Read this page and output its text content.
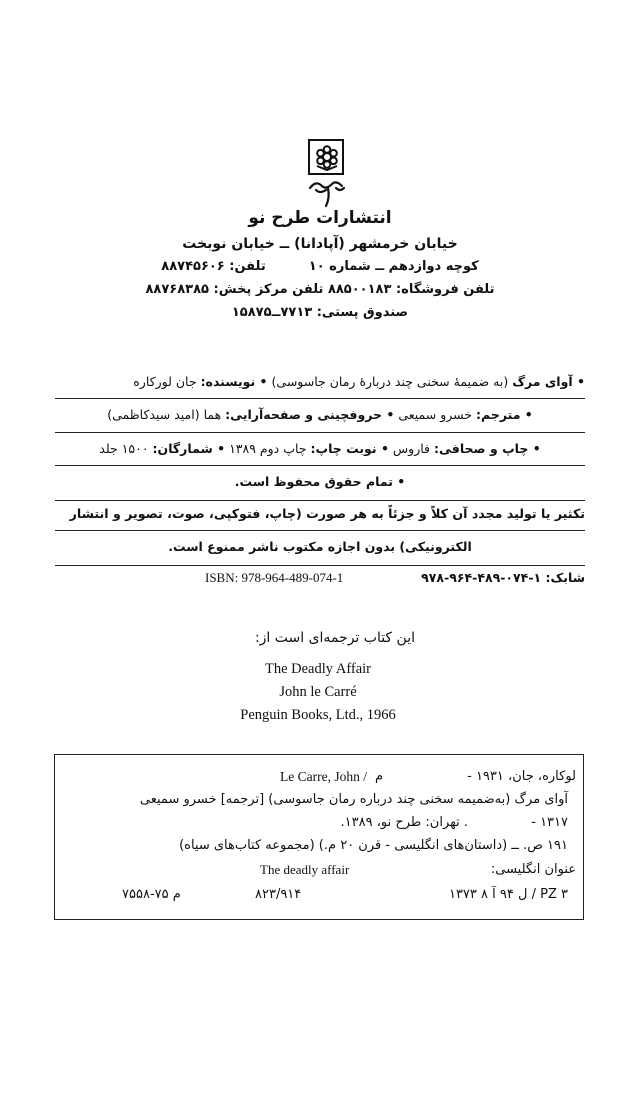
انتشارات طرح نو
خیابان خرمشهر (آپادانا) ــ خیابان نوبخت
کوچه دوازدهم ــ شماره ۱۰  تلفن: ۸۸۷۴۵۶۰۶
تلفن فروشگاه: ۸۸۵۰۰۱۸۳ تلفن مرکز پخش: ۸۸۷۶۸۳۸۵
صندوق پستی: ۷۷۱۳ــ۱۵۸۷۵
• آوای مرگ (به ضمیمهٔ سخنی چند دربارهٔ رمان جاسوسی) • نویسنده: جان لورکاره
• مترجم: خسرو سمیعی • حروفچینی و صفحه‌آرایی: هما (امید سیدکاظمی)
• چاپ و صحافی: فاروس • نوبت چاپ: چاپ دوم ۱۳۸۹ • شمارگان: ۱۵۰۰ جلد
• تمام حقوق محفوظ است.
تکثیر یا تولید مجدد آن کلاً و جزئاً به هر صورت (چاپ، فتوکپی، صوت، تصویر و انتشار
الکترونیکی) بدون اجازه مکتوب ناشر ممنوع است.
ISBN: 978-964-489-074-1	شابک: ۱-۰۷۴-۴۸۹-۹۶۴-۹۷۸
این کتاب ترجمه‌ای است از:
The Deadly Affair
John le Carré
Penguin Books, Ltd., 1966
لوکاره، جان، ۱۹۳۱ -
م
Le Carre, John /
آوای مرگ (به‌ضمیمه سخنی چند درباره رمان جاسوسی) [ترجمه] خسرو سمیعی
۱۳۱۷ -
. تهران: طرح نو، ۱۳۸۹.
۱۹۱ ص. ــ (داستان‌های انگلیسی - قرن ۲۰ م.) (مجموعه کتاب‌های سیاه)
عنوان انگلیسی:
The deadly affair
PZ ۳ / ل ۹۴ آ ۸ ۱۳۷۳
۸۲۳/۹۱۴
م ۷۵-۷۵۵۸
